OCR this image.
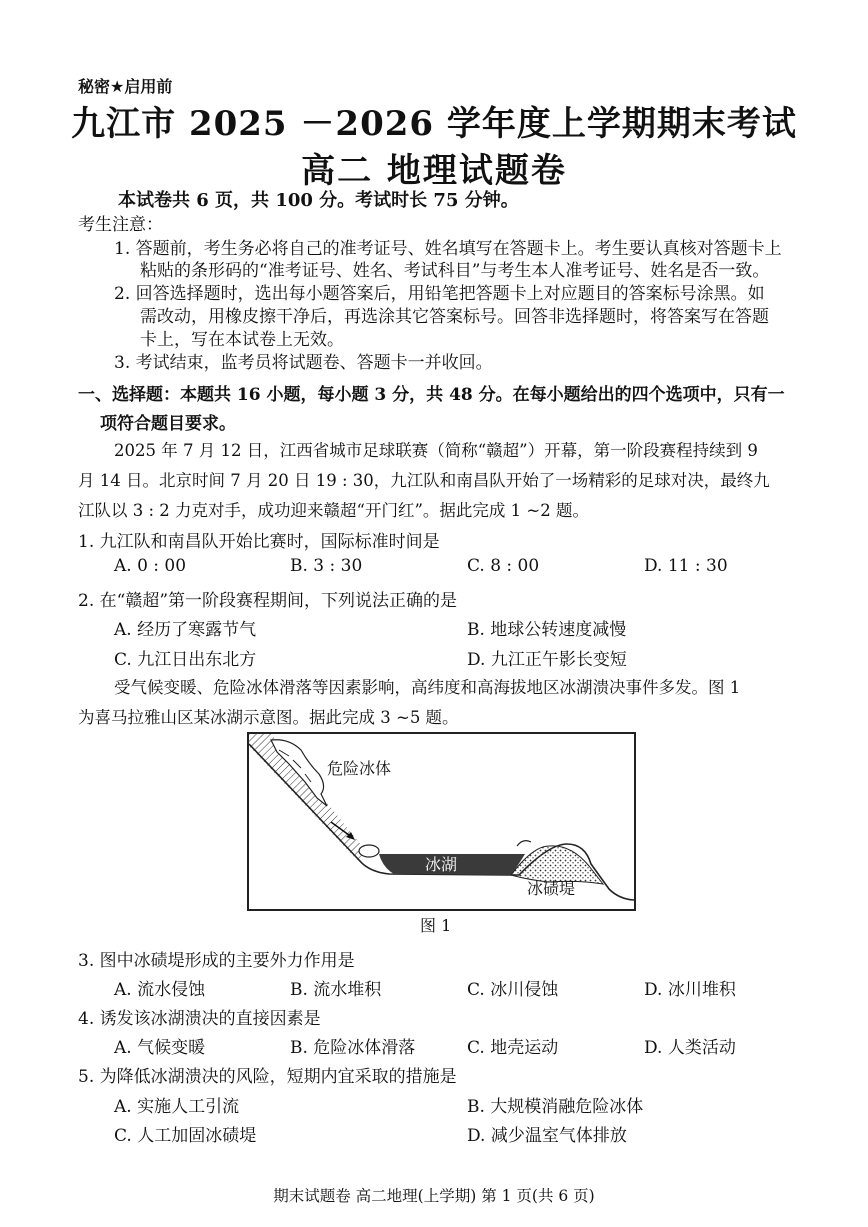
秘密★启用前
九江市 2025 －2026 学年度上学期期末考试
高二 地理试题卷
本试卷共 6 页，共 100 分。考试时长 75 分钟。
考生注意：
1. 答题前，考生务必将自己的准考证号、姓名填写在答题卡上。考生要认真核对答题卡上
粘贴的条形码的“准考证号、姓名、考试科目”与考生本人准考证号、姓名是否一致。
2. 回答选择题时，选出每小题答案后，用铅笔把答题卡上对应题目的答案标号涂黑。如
需改动，用橡皮擦干净后，再选涂其它答案标号。回答非选择题时，将答案写在答题
卡上，写在本试卷上无效。
3. 考试结束，监考员将试题卷、答题卡一并收回。
一、选择题：本题共 16 小题，每小题 3 分，共 48 分。在每小题给出的四个选项中，只有一
项符合题目要求。
2025 年 7 月 12 日，江西省城市足球联赛（简称“赣超”）开幕，第一阶段赛程持续到 9
月 14 日。北京时间 7 月 20 日 19 : 30，九江队和南昌队开始了一场精彩的足球对决，最终九
江队以 3 : 2 力克对手，成功迎来赣超“开门红”。据此完成 1 ~2 题。
1. 九江队和南昌队开始比赛时，国际标准时间是
A. 0 : 00	B. 3 : 30	C. 8 : 00	D. 11 : 30
2. 在“赣超”第一阶段赛程期间，下列说法正确的是
A. 经历了寒露节气	B. 地球公转速度减慢
C. 九江日出东北方	D. 九江正午影长变短
受气候变暖、危险冰体滑落等因素影响，高纬度和高海拔地区冰湖溃决事件多发。图 1
为喜马拉雅山区某冰湖示意图。据此完成 3 ~5 题。
危险冰体
冰湖
冰碛堤
图 1
3. 图中冰碛堤形成的主要外力作用是
A. 流水侵蚀	B. 流水堆积	C. 冰川侵蚀	D. 冰川堆积
4. 诱发该冰湖溃决的直接因素是
A. 气候变暖	B. 危险冰体滑落	C. 地壳运动	D. 人类活动
5. 为降低冰湖溃决的风险，短期内宜采取的措施是
A. 实施人工引流	B. 大规模消融危险冰体
C. 人工加固冰碛堤	D. 减少温室气体排放
期末试题卷 高二地理(上学期) 第 1 页(共 6 页)
